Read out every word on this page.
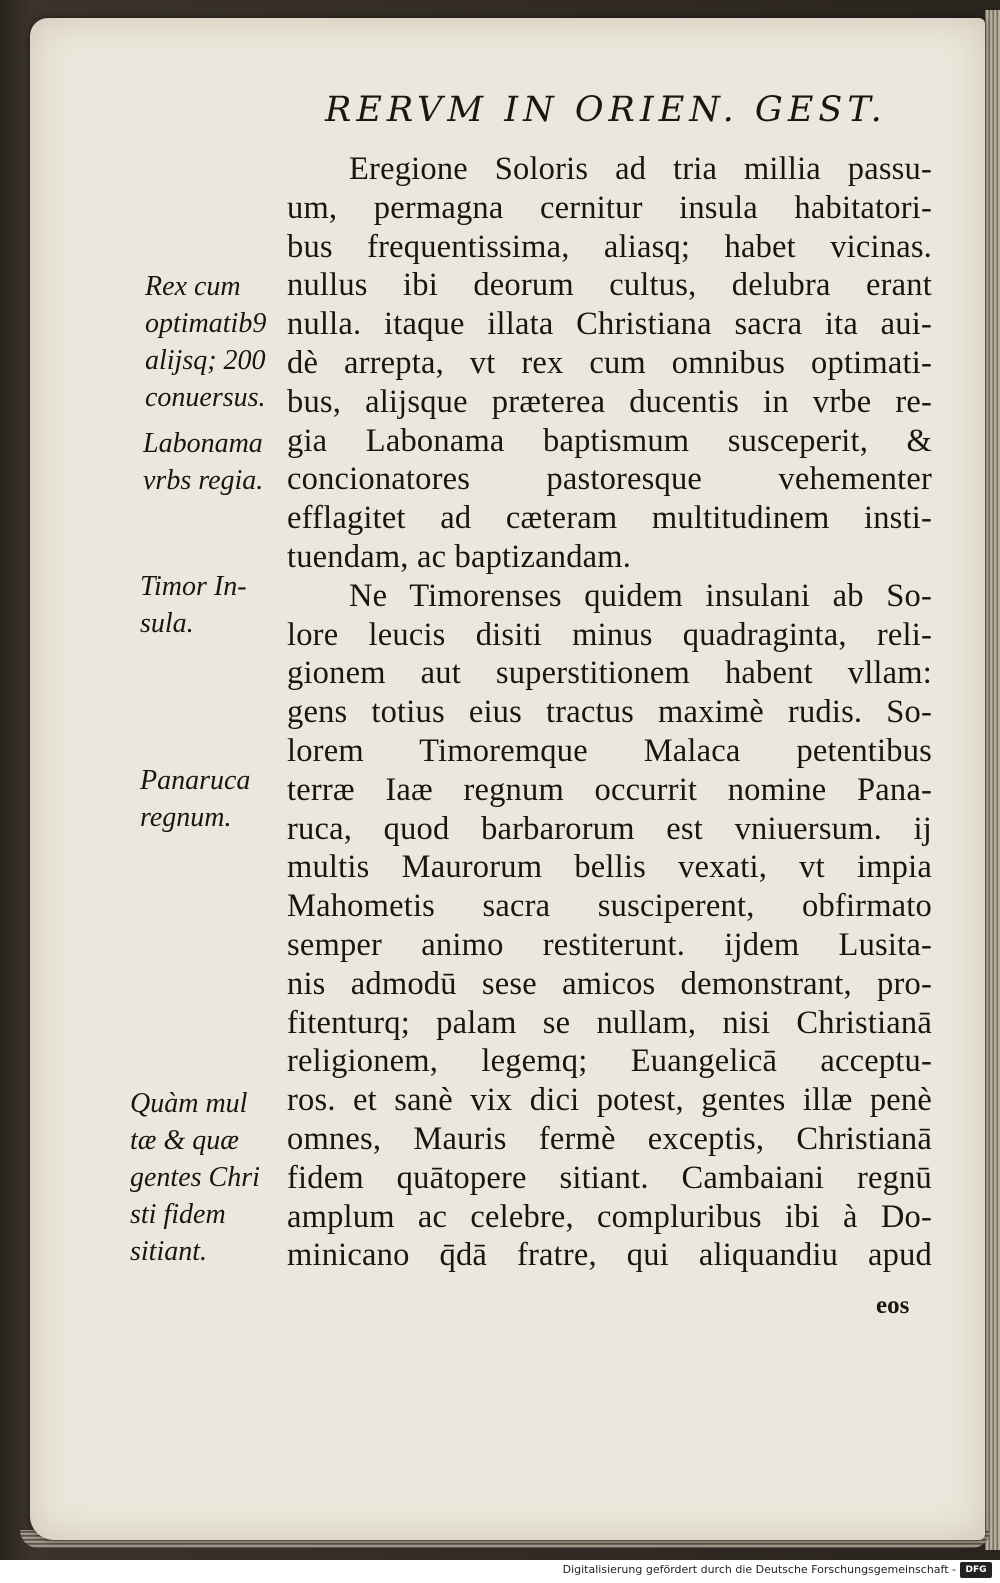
RERVM IN ORIEN. GEST.
Eregione Soloris ad tria millia passu-
um, permagna cernitur insula habitatori-
bus frequentissima, aliasq; habet vicinas.
nullus ibi deorum cultus, delubra erant
nulla. itaque illata Christiana sacra ita aui-
dè arrepta, vt rex cum omnibus optimati-
bus, alijsque præterea ducentis in vrbe re-
gia Labonama baptismum susceperit, &
concionatores pastoresque vehementer
efflagitet ad cæteram multitudinem insti-
tuendam, ac baptizandam.
Ne Timorenses quidem insulani ab So-
lore leucis disiti minus quadraginta, reli-
gionem aut superstitionem habent vllam:
gens totius eius tractus maximè rudis. So-
lorem Timoremque Malaca petentibus
terræ Iaæ regnum occurrit nomine Pana-
ruca, quod barbarorum est vniuersum. ij
multis Maurorum bellis vexati, vt impia
Mahometis sacra susciperent, obfirmato
semper animo restiterunt. ijdem Lusita-
nis admodū sese amicos demonstrant, pro-
fitenturq; palam se nullam, nisi Christianā
religionem, legemq; Euangelicā acceptu-
ros. et sanè vix dici potest, gentes illæ penè
omnes, Mauris fermè exceptis, Christianā
fidem quātopere sitiant. Cambaiani regnū
amplum ac celebre, compluribus ibi à Do-
minicano q̄dā fratre, qui aliquandiu apud
eos
Rex cum
optimatib9
alijsq; 200
conuersus.
Labonama
vrbs regia.
Timor In-
sula.
Panaruca
regnum.
Quàm mul
tæ & quæ
gentes Chri
sti fidem
sitiant.
Digitalisierung gefördert durch die Deutsche Forschungsgemeinschaft -	DFG
